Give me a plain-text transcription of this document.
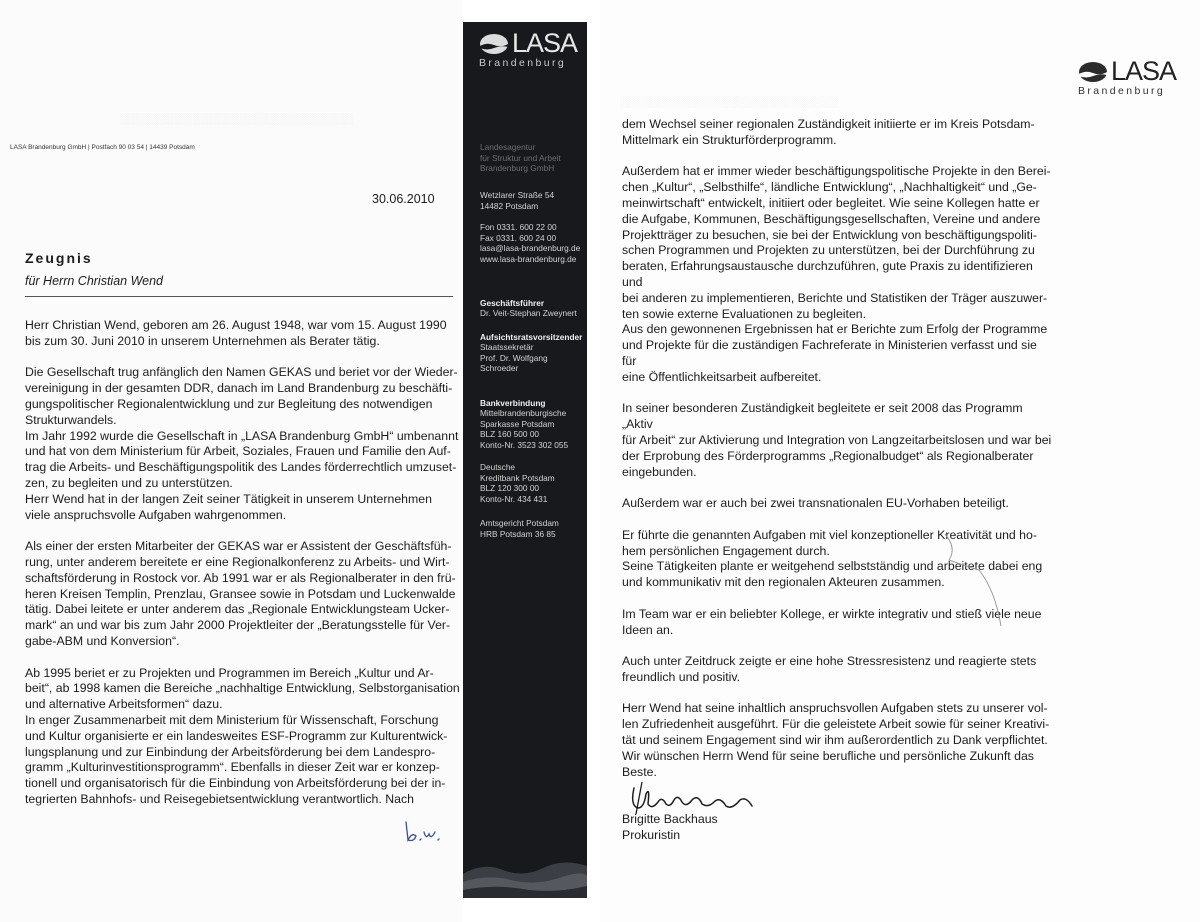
░░░░░░░░░░░░░░░░░░░░░░░░░░░░░░
░░░░░░░░░░░░░░░░░░░░░░░░░░░░
LASA Brandenburg GmbH | Postfach 90 03 54 | 14439 Potsdam
30.06.2010
Zeugnis
für Herrn Christian Wend

Herr Christian Wend, geboren am 26. August 1948, war vom 15. August 1990
bis zum 30. Juni 2010 in unserem Unternehmen als Berater tätig.

Die Gesellschaft trug anfänglich den Namen GEKAS und beriet vor der Wieder-
vereinigung in der gesamten DDR, danach im Land Brandenburg zu beschäfti-
gungspolitischer Regionalentwicklung und zur Begleitung des notwendigen
Strukturwandels.

Im Jahr 1992 wurde die Gesellschaft in „LASA Brandenburg GmbH“ umbenannt
und hat von dem Ministerium für Arbeit, Soziales, Frauen und Familie den Auf-
trag die Arbeits- und Beschäftigungspolitik des Landes förderrechtlich umzuset-
zen, zu begleiten und zu unterstützen.

Herr Wend hat in der langen Zeit seiner Tätigkeit in unserem Unternehmen
viele anspruchsvolle Aufgaben wahrgenommen.

Als einer der ersten Mitarbeiter der GEKAS war er Assistent der Geschäftsfüh-
rung, unter anderem bereitete er eine Regionalkonferenz zu Arbeits- und Wirt-
schaftsförderung in Rostock vor. Ab 1991 war er als Regionalberater in den frü-
heren Kreisen Templin, Prenzlau, Gransee sowie in Potsdam und Luckenwalde
tätig. Dabei leitete er unter anderem das „Regionale Entwicklungsteam Ucker-
mark“ an und war bis zum Jahr 2000 Projektleiter der „Beratungsstelle für Ver-
gabe-ABM und Konversion“.

Ab 1995 beriet er zu Projekten und Programmen im Bereich „Kultur und Ar-
beit“, ab 1998 kamen die Bereiche „nachhaltige Entwicklung, Selbstorganisation
und alternative Arbeitsformen“ dazu.

In enger Zusammenarbeit mit dem Ministerium für Wissenschaft, Forschung
und Kultur organisierte er ein landesweites ESF-Programm zur Kulturentwick-
lungsplanung und zur Einbindung der Arbeitsförderung bei dem Landespro-
gramm „Kulturinvestitionsprogramm“. Ebenfalls in dieser Zeit war er konzep-
tionell und organisatorisch für die Einbindung von Arbeitsförderung bei der in-
tegrierten Bahnhofs- und Reisegebietsentwicklung verantwortlich. Nach

LASA
Brandenburg
Landesagentur
für Struktur und Arbeit
Brandenburg GmbH
Wetzlarer Straße 54
14482 Potsdam
Fon 0331. 600 22 00
Fax 0331. 600 24 00
lasa@lasa-brandenburg.de
www.lasa-brandenburg.de
Geschäftsführer
Dr. Veit-Stephan Zweynert
Aufsichtsratsvorsitzender
Staatssekretär
Prof. Dr. Wolfgang Schroeder
Bankverbindung
Mittelbrandenburgische
Sparkasse Potsdam
BLZ 160 500 00
Konto-Nr. 3523 302 055
Deutsche
Kreditbank Potsdam
BLZ 120 300 00
Konto-Nr. 434 431
Amtsgericht Potsdam
HRB Potsdam 36 85
LASA
Brandenburg

dem Wechsel seiner regionalen Zuständigkeit initiierte er im Kreis Potsdam-
Mittelmark ein Strukturförderprogramm.

Außerdem hat er immer wieder beschäftigungspolitische Projekte in den Berei-
chen „Kultur“, „Selbsthilfe“, ländliche Entwicklung“, „Nachhaltigkeit“ und „Ge-
meinwirtschaft“ entwickelt, initiiert oder begleitet. Wie seine Kollegen hatte er
die Aufgabe, Kommunen, Beschäftigungsgesellschaften, Vereine und andere
Projektträger zu besuchen, sie bei der Entwicklung von beschäftigungspoliti-
schen Programmen und Projekten zu unterstützen, bei der Durchführung zu
beraten, Erfahrungsaustausche durchzuführen, gute Praxis zu identifizieren und
bei anderen zu implementieren, Berichte und Statistiken der Träger auszuwer-
ten sowie externe Evaluationen zu begleiten.

Aus den gewonnenen Ergebnissen hat er Berichte zum Erfolg der Programme
und Projekte für die zuständigen Fachreferate in Ministerien verfasst und sie für
eine Öffentlichkeitsarbeit aufbereitet.

In seiner besonderen Zuständigkeit begleitete er seit 2008 das Programm „Aktiv
für Arbeit“ zur Aktivierung und Integration von Langzeitarbeitslosen und war bei
der Erprobung des Förderprogramms „Regionalbudget“ als Regionalberater
eingebunden.

Außerdem war er auch bei zwei transnationalen EU-Vorhaben beteiligt.

Er führte die genannten Aufgaben mit viel konzeptioneller Kreativität und ho-
hem persönlichen Engagement durch.

Seine Tätigkeiten plante er weitgehend selbstständig und arbeitete dabei eng
und kommunikativ mit den regionalen Akteuren zusammen.

Im Team war er ein beliebter Kollege, er wirkte integrativ und stieß viele neue
Ideen an.

Auch unter Zeitdruck zeigte er eine hohe Stressresistenz und reagierte stets
freundlich und positiv.

Herr Wend hat seine inhaltlich anspruchsvollen Aufgaben stets zu unserer vol-
len Zufriedenheit ausgeführt. Für die geleistete Arbeit sowie für seiner Kreativi-
tät und seinem Engagement sind wir ihm außerordentlich zu Dank verpflichtet.
Wir wünschen Herrn Wend für seine berufliche und persönliche Zukunft das
Beste.

Brigitte Backhaus
Prokuristin
